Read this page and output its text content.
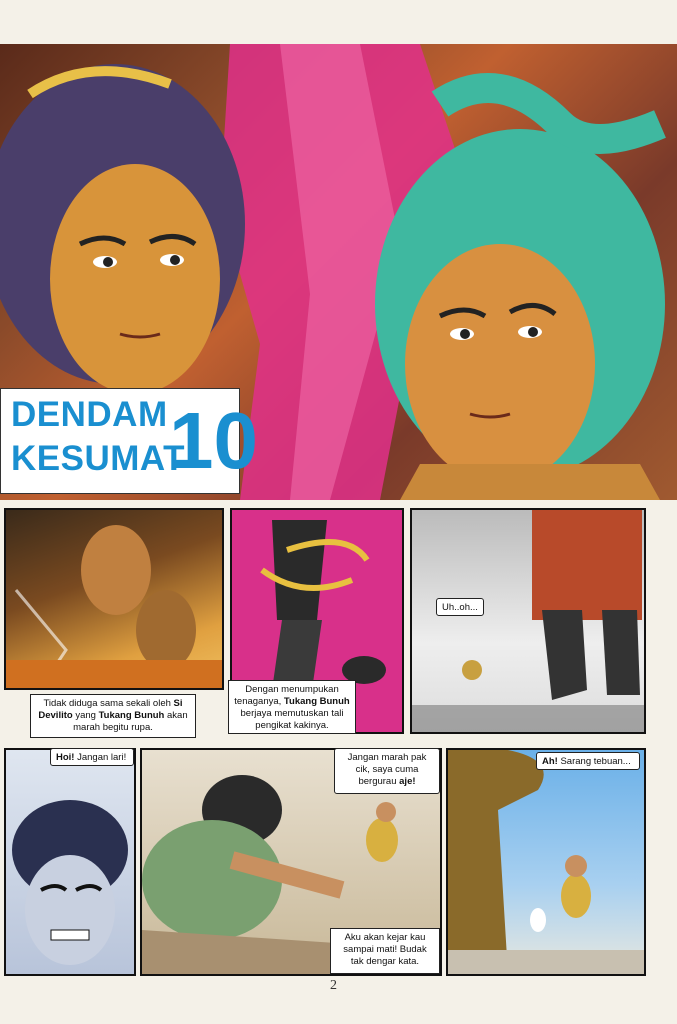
DENDAM
KESUMAT
10
Tidak diduga sama sekali oleh Si Devilito yang Tukang Bunuh akan marah begitu rupa.
Dengan menumpukan tenaganya, Tukang Bunuh berjaya memutuskan tali pengikat kakinya.
Uh..oh...
Hoi! Jangan lari!	Jangan marah pak cik, saya cuma bergurau aje!
Aku akan kejar kau sampai mati! Budak tak dengar kata.
Ah! Sarang tebuan...
2
